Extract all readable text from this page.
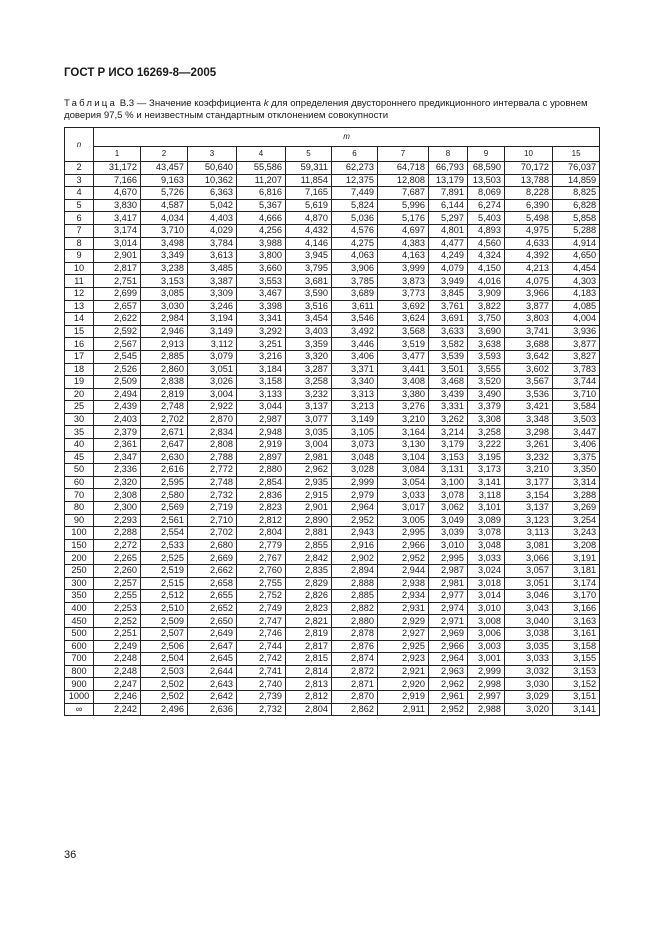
ГОСТ Р ИСО 16269-8—2005

Таблица B.3 — Значение коэффициента k для определения двустороннего предикционного интервала с уровнем доверия 97,5 % и неизвестным стандартным отклонением совокупности

n	m										
	1	2	3	4	5	6	7	8	9	10	15
2	31,172	43,457	50,640	55,586	59,311	62,273	64,718	66,793	68,590	70,172	76,037
3	7,166	9,163	10,362	11,207	11,854	12,375	12,808	13,179	13,503	13,788	14,859
4	4,670	5,726	6,363	6,816	7,165	7,449	7,687	7,891	8,069	8,228	8,825
5	3,830	4,587	5,042	5,367	5,619	5,824	5,996	6,144	6,274	6,390	6,828
6	3,417	4,034	4,403	4,666	4,870	5,036	5,176	5,297	5,403	5,498	5,858
7	3,174	3,710	4,029	4,256	4,432	4,576	4,697	4,801	4,893	4,975	5,288
8	3,014	3,498	3,784	3,988	4,146	4,275	4,383	4,477	4,560	4,633	4,914
9	2,901	3,349	3,613	3,800	3,945	4,063	4,163	4,249	4,324	4,392	4,650
10	2,817	3,238	3,485	3,660	3,795	3,906	3,999	4,079	4,150	4,213	4,454
11	2,751	3,153	3,387	3,553	3,681	3,785	3,873	3,949	4,016	4,075	4,303
12	2,699	3,085	3,309	3,467	3,590	3,689	3,773	3,845	3,909	3,966	4,183
13	2,657	3,030	3,246	3,398	3,516	3,611	3,692	3,761	3,822	3,877	4,085
14	2,622	2,984	3,194	3,341	3,454	3,546	3,624	3,691	3,750	3,803	4,004
15	2,592	2,946	3,149	3,292	3,403	3,492	3,568	3,633	3,690	3,741	3,936
16	2,567	2,913	3,112	3,251	3,359	3,446	3,519	3,582	3,638	3,688	3,877
17	2,545	2,885	3,079	3,216	3,320	3,406	3,477	3,539	3,593	3,642	3,827
18	2,526	2,860	3,051	3,184	3,287	3,371	3,441	3,501	3,555	3,602	3,783
19	2,509	2,838	3,026	3,158	3,258	3,340	3,408	3,468	3,520	3,567	3,744
20	2,494	2,819	3,004	3,133	3,232	3,313	3,380	3,439	3,490	3,536	3,710
25	2,439	2,748	2,922	3,044	3,137	3,213	3,276	3,331	3,379	3,421	3,584
30	2,403	2,702	2,870	2,987	3,077	3,149	3,210	3,262	3,308	3,348	3,503
35	2,379	2,671	2,834	2,948	3,035	3,105	3,164	3,214	3,258	3,298	3,447
40	2,361	2,647	2,808	2,919	3,004	3,073	3,130	3,179	3,222	3,261	3,406
45	2,347	2,630	2,788	2,897	2,981	3,048	3,104	3,153	3,195	3,232	3,375
50	2,336	2,616	2,772	2,880	2,962	3,028	3,084	3,131	3,173	3,210	3,350
60	2,320	2,595	2,748	2,854	2,935	2,999	3,054	3,100	3,141	3,177	3,314
70	2,308	2,580	2,732	2,836	2,915	2,979	3,033	3,078	3,118	3,154	3,288
80	2,300	2,569	2,719	2,823	2,901	2,964	3,017	3,062	3,101	3,137	3,269
90	2,293	2,561	2,710	2,812	2,890	2,952	3,005	3,049	3,089	3,123	3,254
100	2,288	2,554	2,702	2,804	2,881	2,943	2,995	3,039	3,078	3,113	3,243
150	2,272	2,533	2,680	2,779	2,855	2,916	2,966	3,010	3,048	3,081	3,208
200	2,265	2,525	2,669	2,767	2,842	2,902	2,952	2,995	3,033	3,066	3,191
250	2,260	2,519	2,662	2,760	2,835	2,894	2,944	2,987	3,024	3,057	3,181
300	2,257	2,515	2,658	2,755	2,829	2,888	2,938	2,981	3,018	3,051	3,174
350	2,255	2,512	2,655	2,752	2,826	2,885	2,934	2,977	3,014	3,046	3,170
400	2,253	2,510	2,652	2,749	2,823	2,882	2,931	2,974	3,010	3,043	3,166
450	2,252	2,509	2,650	2,747	2,821	2,880	2,929	2,971	3,008	3,040	3,163
500	2,251	2,507	2,649	2,746	2,819	2,878	2,927	2,969	3,006	3,038	3,161
600	2,249	2,506	2,647	2,744	2,817	2,876	2,925	2,966	3,003	3,035	3,158
700	2,248	2,504	2,645	2,742	2,815	2,874	2,923	2,964	3,001	3,033	3,155
800	2,248	2,503	2,644	2,741	2,814	2,872	2,921	2,963	2,999	3,032	3,153
900	2,247	2,502	2,643	2,740	2,813	2,871	2,920	2,962	2,998	3,030	3,152
1000	2,246	2,502	2,642	2,739	2,812	2,870	2,919	2,961	2,997	3,029	3,151
∞	2,242	2,496	2,636	2,732	2,804	2,862	2,911	2,952	2,988	3,020	3,141
36
